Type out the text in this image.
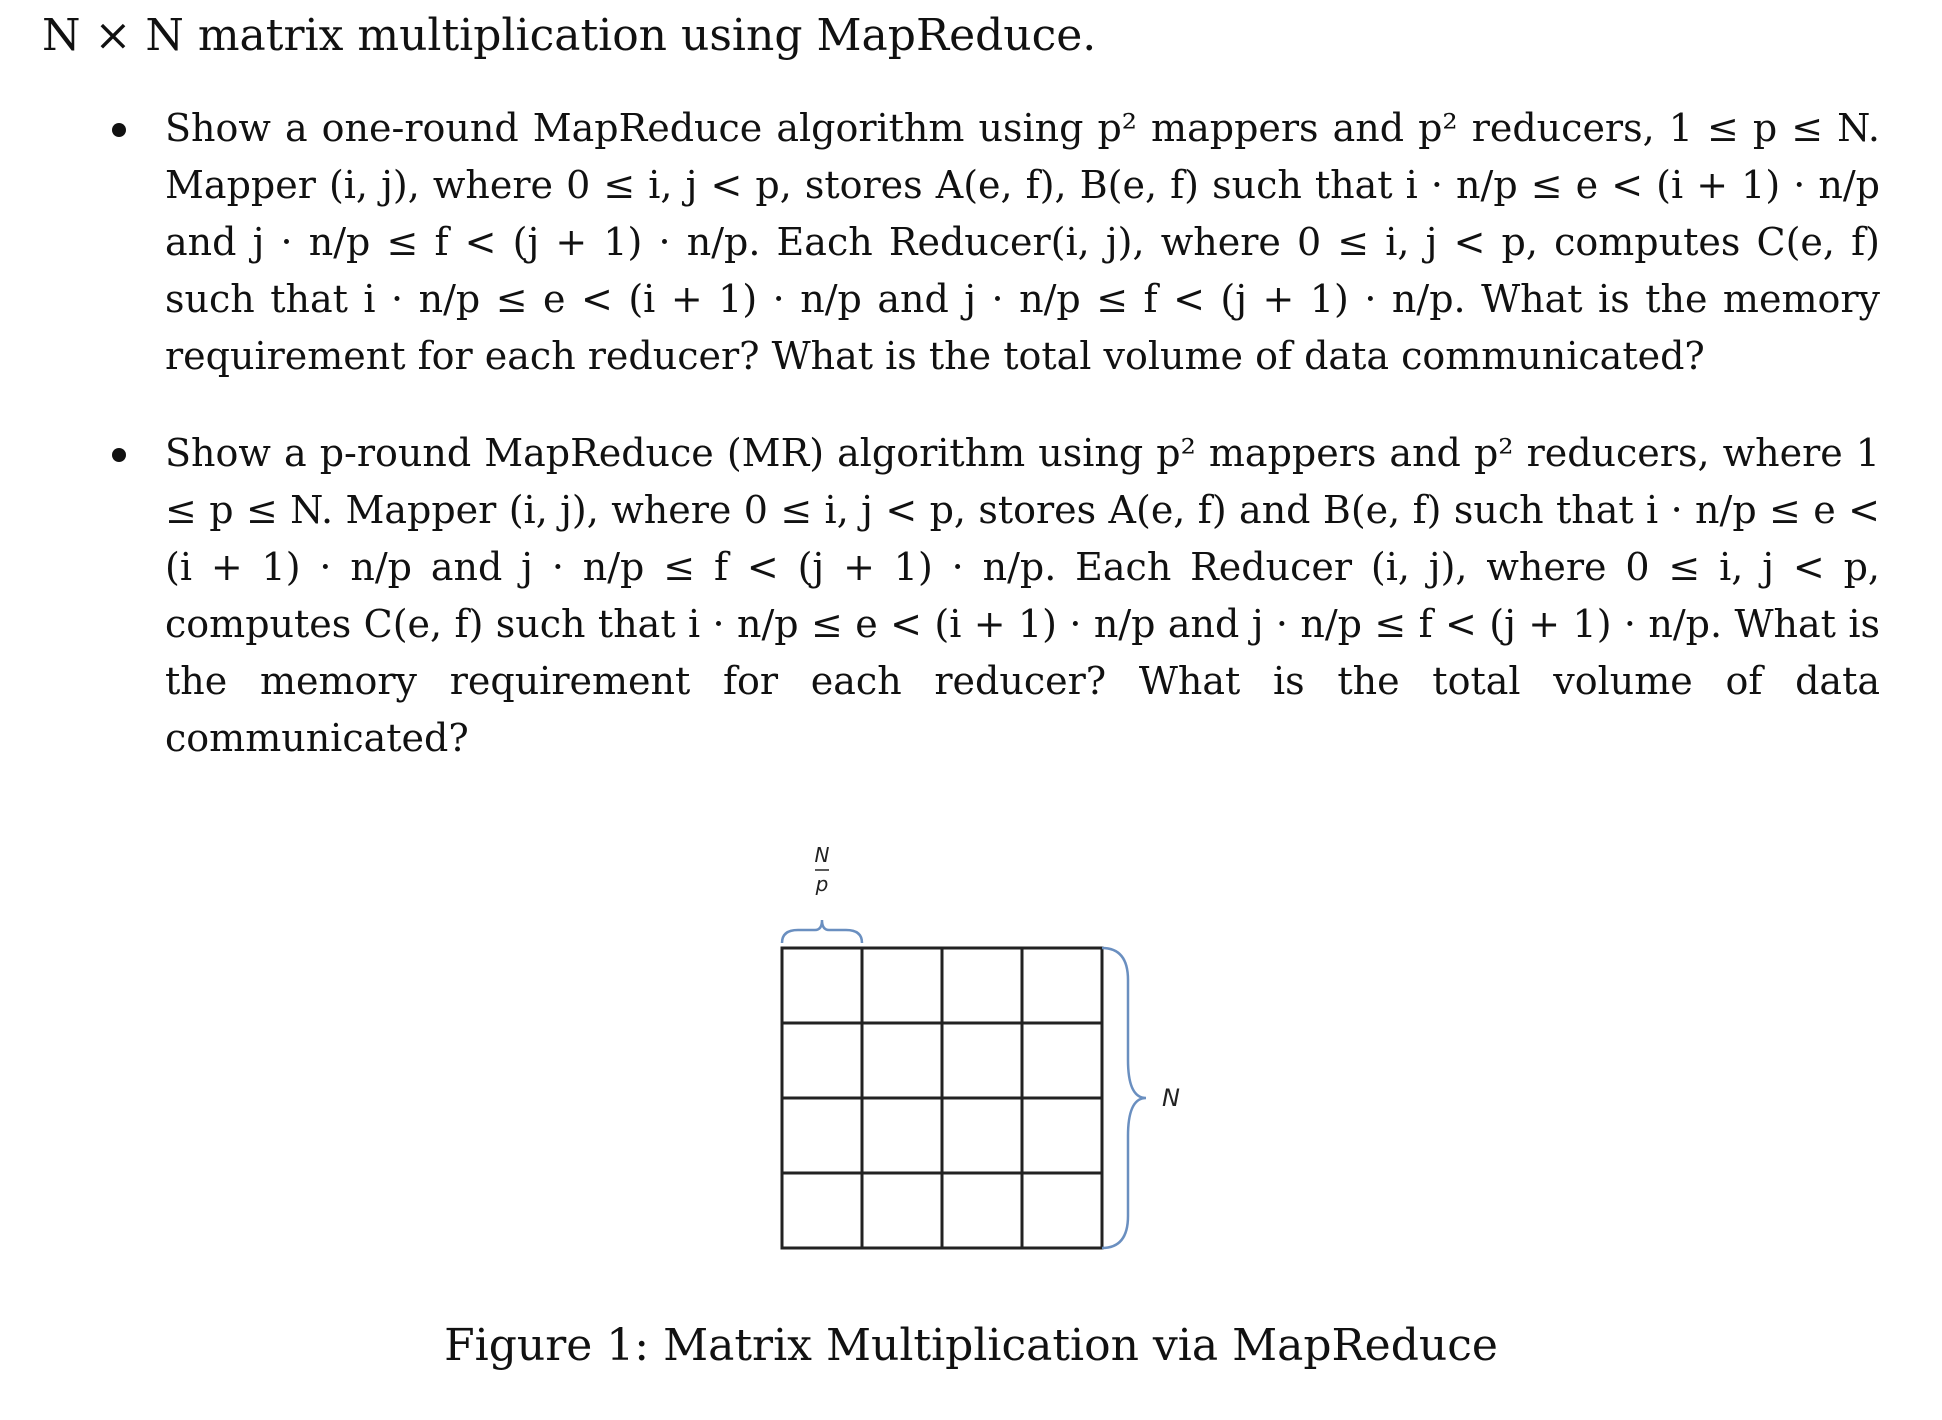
N × N matrix multiplication using MapReduce.
Show a one-round MapReduce algorithm using p² mappers and p² reducers, 1 ≤ p ≤ N. Mapper (i, j), where 0 ≤ i, j < p, stores A(e, f), B(e, f) such that i · n/p ≤ e < (i + 1) · n/p and j · n/p ≤ f < (j + 1) · n/p. Each Reducer(i, j), where 0 ≤ i, j < p, computes C(e, f) such that i · n/p ≤ e < (i + 1) · n/p and j · n/p ≤ f < (j + 1) · n/p. What is the memory requirement for each reducer? What is the total volume of data communicated?
Show a p-round MapReduce (MR) algorithm using p² mappers and p² reducers, where 1 ≤ p ≤ N. Mapper (i, j), where 0 ≤ i, j < p, stores A(e, f) and B(e, f) such that i · n/p ≤ e < (i + 1) · n/p and j · n/p ≤ f < (j + 1) · n/p. Each Reducer (i, j), where 0 ≤ i, j < p, computes C(e, f) such that i · n/p ≤ e < (i + 1) · n/p and j · n/p ≤ f < (j + 1) · n/p. What is the memory requirement for each reducer? What is the total volume of data communicated?
N
p
N
Figure 1: Matrix Multiplication via MapReduce
